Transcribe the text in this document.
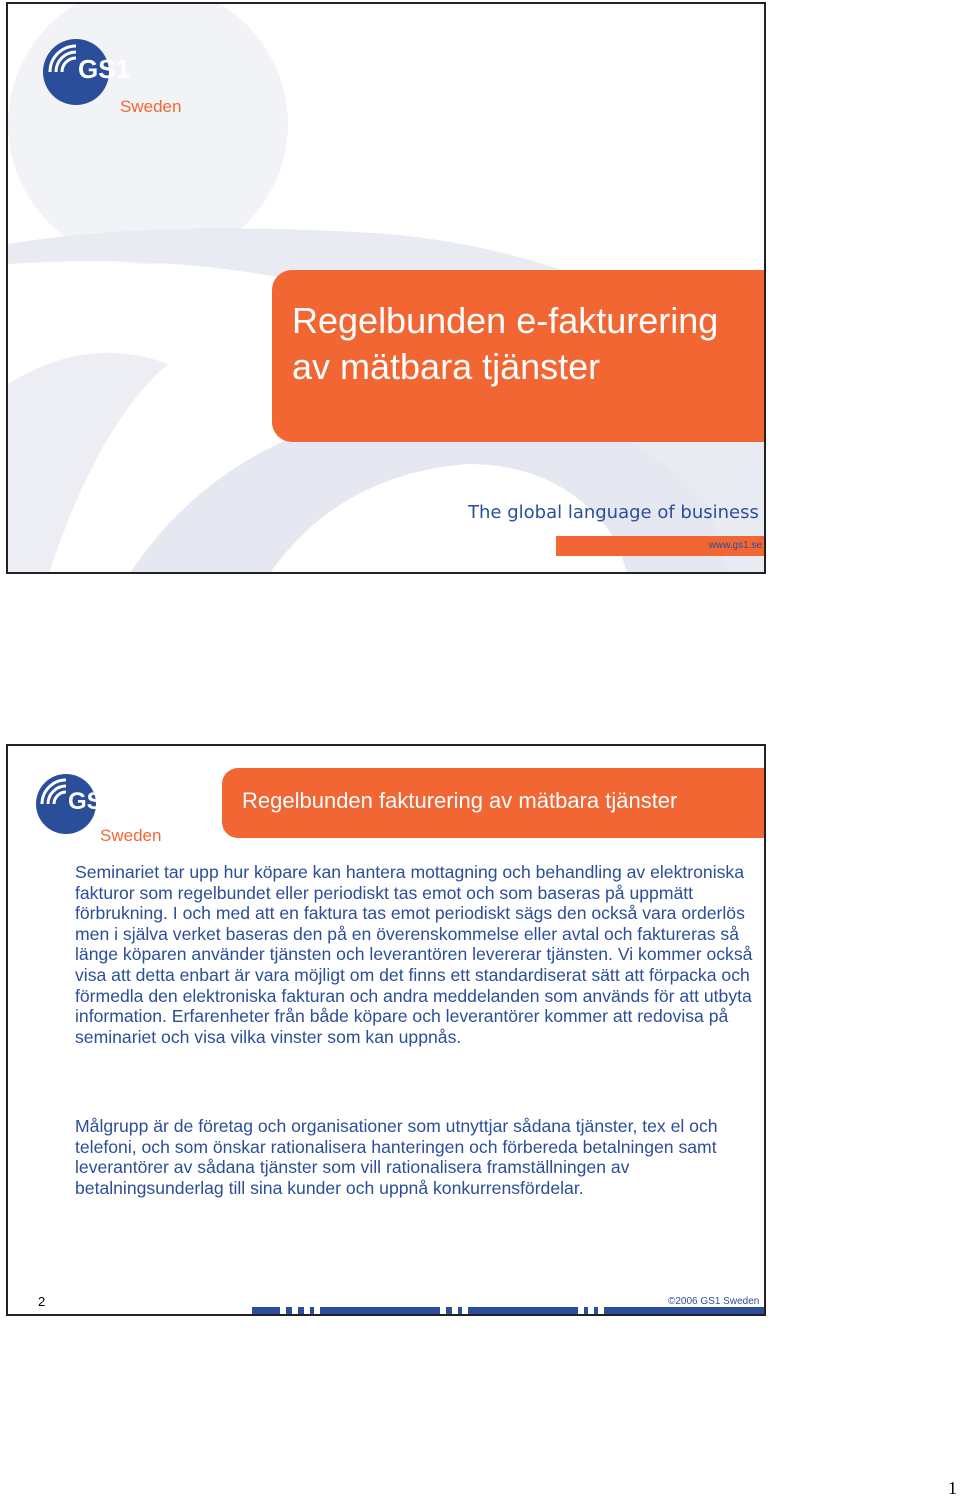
GS1
Sweden
Regelbunden e-fakturering
av mätbara tjänster
The global language of business
www.gs1.se
GS1
Sweden
Regelbunden fakturering av mätbara tjänster

Seminariet tar upp hur köpare kan hantera mottagning och behandling av elektroniska fakturor som regelbundet eller periodiskt tas emot och som baseras på uppmätt förbrukning. I och med att en faktura tas emot periodiskt sägs den också vara orderlös men i själva verket baseras den på en överenskommelse eller avtal och faktureras så länge köparen använder tjänsten och leverantören levererar tjänsten. Vi kommer också visa att detta enbart är vara möjligt om det finns ett standardiserat sätt att förpacka och förmedla den elektroniska fakturan och andra meddelanden som används för att utbyta information. Erfarenheter från både köpare och leverantörer kommer att redovisa på seminariet och visa vilka vinster som kan uppnås.

Målgrupp är de företag och organisationer som utnyttjar sådana tjänster, tex el och telefoni, och som önskar rationalisera hanteringen och förbereda betalningen samt leverantörer av sådana tjänster som vill rationalisera framställningen av betalningsunderlag till sina kunder och uppnå konkurrensfördelar.

2	©2006 GS1 Sweden
1
